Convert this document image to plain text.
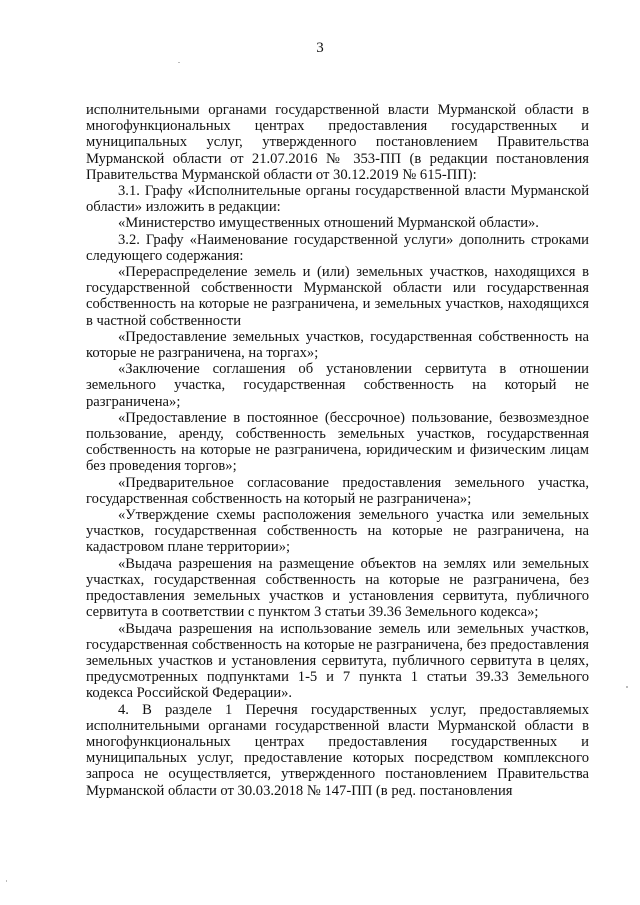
3

исполнительными органами государственной власти Мурманской области в многофункциональных центрах предоставления государственных и муниципальных услуг, утвержденного постановлением Правительства Мурманской области от 21.07.2016 № 353-ПП (в редакции постановления Правительства Мурманской области от 30.12.2019 № 615-ПП):

3.1. Графу «Исполнительные органы государственной власти Мурманской области» изложить в редакции:

«Министерство имущественных отношений Мурманской области».

3.2. Графу «Наименование государственной услуги» дополнить строками следующего содержания:

«Перераспределение земель и (или) земельных участков, находящихся в государственной собственности Мурманской области или государственная собственность на которые не разграничена, и земельных участков, находящихся в частной собственности

«Предоставление земельных участков, государственная собственность на которые не разграничена, на торгах»;

«Заключение соглашения об установлении сервитута в отношении земельного участка, государственная собственность на который не разграничена»;

«Предоставление в постоянное (бессрочное) пользование, безвозмездное пользование, аренду, собственность земельных участков, государственная собственность на которые не разграничена, юридическим и физическим лицам без проведения торгов»;

«Предварительное согласование предоставления земельного участка, государственная собственность на который не разграничена»;

«Утверждение схемы расположения земельного участка или земельных участков, государственная собственность на которые не разграничена, на кадастровом плане территории»;

«Выдача разрешения на размещение объектов на землях или земельных участках, государственная собственность на которые не разграничена, без предоставления земельных участков и установления сервитута, публичного сервитута в соответствии с пунктом 3 статьи 39.36 Земельного кодекса»;

«Выдача разрешения на использование земель или земельных участков, государственная собственность на которые не разграничена, без предоставления земельных участков и установления сервитута, публичного сервитута в целях, предусмотренных подпунктами 1-5 и 7 пункта 1 статьи 39.33 Земельного кодекса Российской Федерации».

4. В разделе 1 Перечня государственных услуг, предоставляемых исполнительными органами государственной власти Мурманской области в многофункциональных центрах предоставления государственных и муниципальных услуг, предоставление которых посредством комплексного запроса не осуществляется, утвержденного постановлением Правительства Мурманской области от 30.03.2018 № 147-ПП (в ред. постановления
